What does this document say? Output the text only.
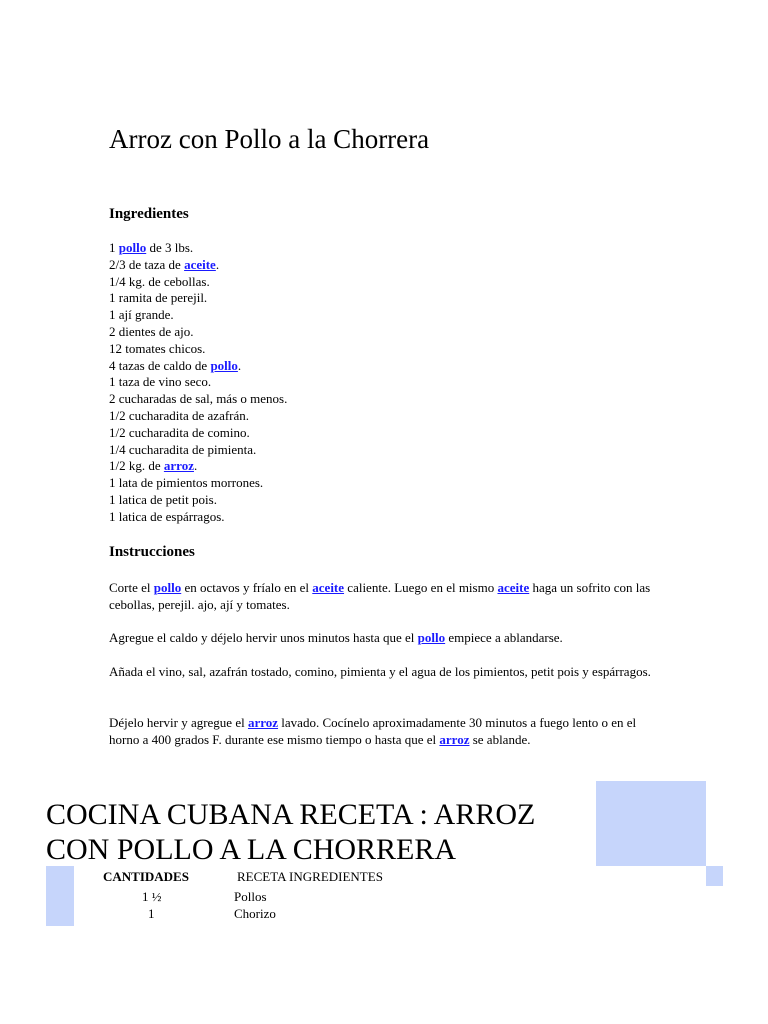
Arroz con Pollo a la Chorrera
Ingredientes
1 pollo de 3 lbs.
2/3 de taza de aceite.
1/4 kg. de cebollas.
1 ramita de perejil.
1 ají grande.
2 dientes de ajo.
12 tomates chicos.
4 tazas de caldo de pollo.
1 taza de vino seco.
2 cucharadas de sal, más o menos.
1/2 cucharadita de azafrán.
1/2 cucharadita de comino.
1/4 cucharadita de pimienta.
1/2 kg. de arroz.
1 lata de pimientos morrones.
1 latica de petit pois.
1 latica de espárragos.
Instrucciones

Corte el pollo en octavos y fríalo en el aceite caliente. Luego en el mismo aceite haga un sofrito con las cebollas, perejil. ajo, ají y tomates.

Agregue el caldo y déjelo hervir unos minutos hasta que el pollo empiece a ablandarse.

Añada el vino, sal, azafrán tostado, comino, pimienta y el agua de los pimientos, petit pois y espárragos.

Déjelo hervir y agregue el arroz lavado. Cocínelo aproximadamente 30 minutos a fuego lento o en el horno a 400 grados F. durante ese mismo tiempo o hasta que el arroz se ablande.

COCINA CUBANA RECETA : ARROZ
CON POLLO A LA CHORRERA
CANTIDADES	RECETA INGREDIENTES
1 ½	Pollos
1	Chorizo
